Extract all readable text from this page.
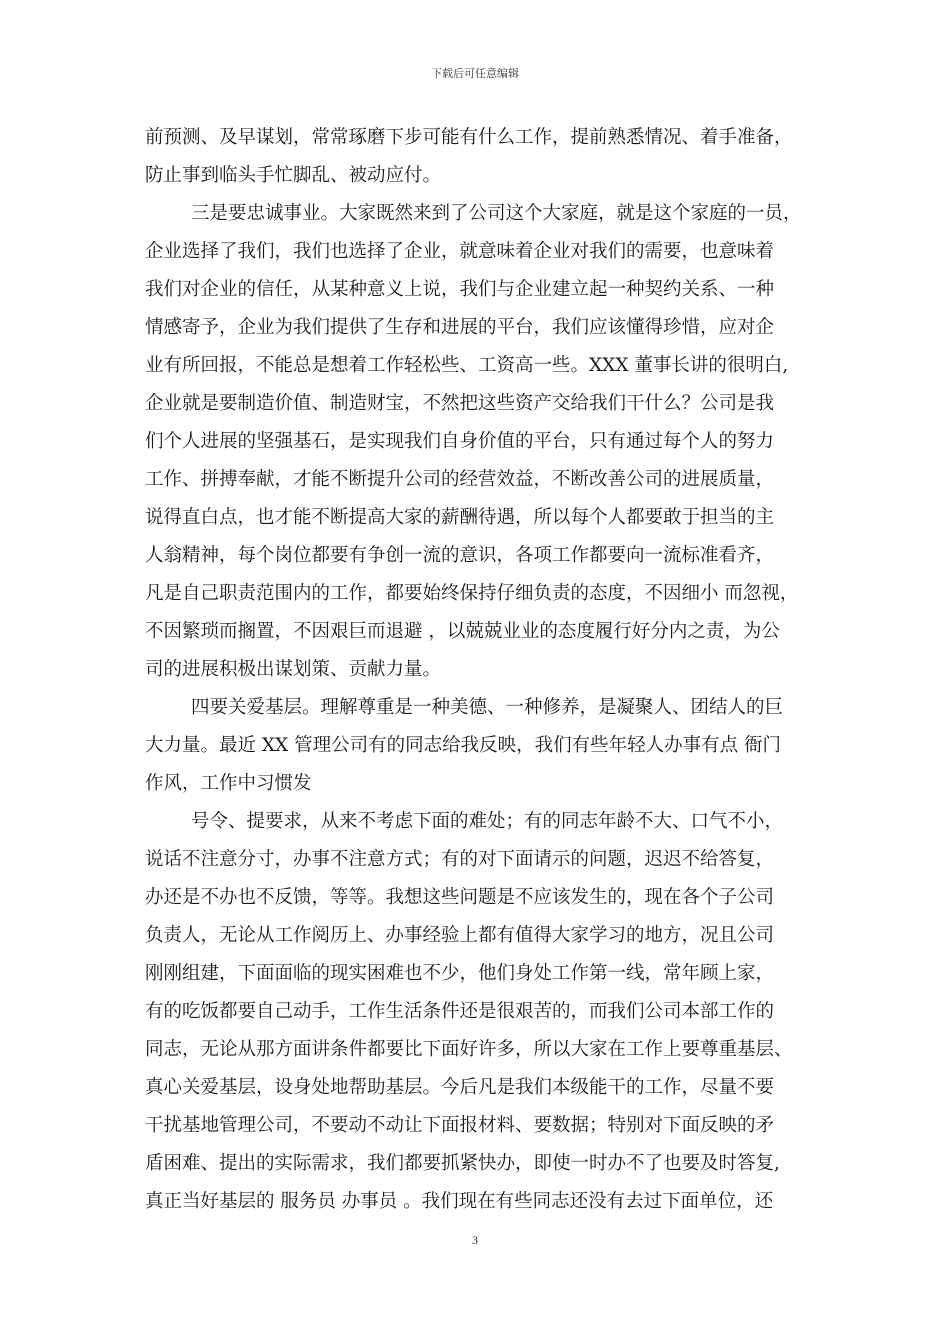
下载后可任意编辑
前预测、及早谋划，常常琢磨下步可能有什么工作，提前熟悉情况、着手准备，
防止事到临头手忙脚乱、被动应付。
三是要忠诚事业。大家既然来到了公司这个大家庭，就是这个家庭的一员，
企业选择了我们，我们也选择了企业，就意味着企业对我们的需要，也意味着
我们对企业的信任，从某种意义上说，我们与企业建立起一种契约关系、一种
情感寄予，企业为我们提供了生存和进展的平台，我们应该懂得珍惜，应对企
业有所回报，不能总是想着工作轻松些、工资高一些。XXX 董事长讲的很明白,
企业就是要制造价值、制造财宝，不然把这些资产交给我们干什么？公司是我
们个人进展的坚强基石，是实现我们自身价值的平台，只有通过每个人的努力
工作、拼搏奉献，才能不断提升公司的经营效益，不断改善公司的进展质量，
说得直白点，也才能不断提高大家的薪酬待遇，所以每个人都要敢于担当的主
人翁精神，每个岗位都要有争创一流的意识，各项工作都要向一流标准看齐，
凡是自己职责范围内的工作，都要始终保持仔细负责的态度，不因细小 而忽视，
不因繁琐而搁置，不因艰巨而退避 ，以兢兢业业的态度履行好分内之责，为公
司的进展积极出谋划策、贡献力量。
四要关爱基层。理解尊重是一种美德、一种修养，是凝聚人、团结人的巨
大力量。最近 XX 管理公司有的同志给我反映，我们有些年轻人办事有点 衙门
作风，工作中习惯发
号令、提要求，从来不考虑下面的难处；有的同志年龄不大、口气不小，
说话不注意分寸，办事不注意方式；有的对下面请示的问题，迟迟不给答复，
办还是不办也不反馈，等等。我想这些问题是不应该发生的，现在各个子公司
负责人，无论从工作阅历上、办事经验上都有值得大家学习的地方，况且公司
刚刚组建，下面面临的现实困难也不少，他们身处工作第一线，常年顾上家，
有的吃饭都要自己动手，工作生活条件还是很艰苦的，而我们公司本部工作的
同志，无论从那方面讲条件都要比下面好许多，所以大家在工作上要尊重基层、
真心关爱基层，设身处地帮助基层。今后凡是我们本级能干的工作，尽量不要
干扰基地管理公司，不要动不动让下面报材料、要数据；特别对下面反映的矛
盾困难、提出的实际需求，我们都要抓紧快办，即使一时办不了也要及时答复,
真正当好基层的 服务员 办事员 。我们现在有些同志还没有去过下面单位，还
3
